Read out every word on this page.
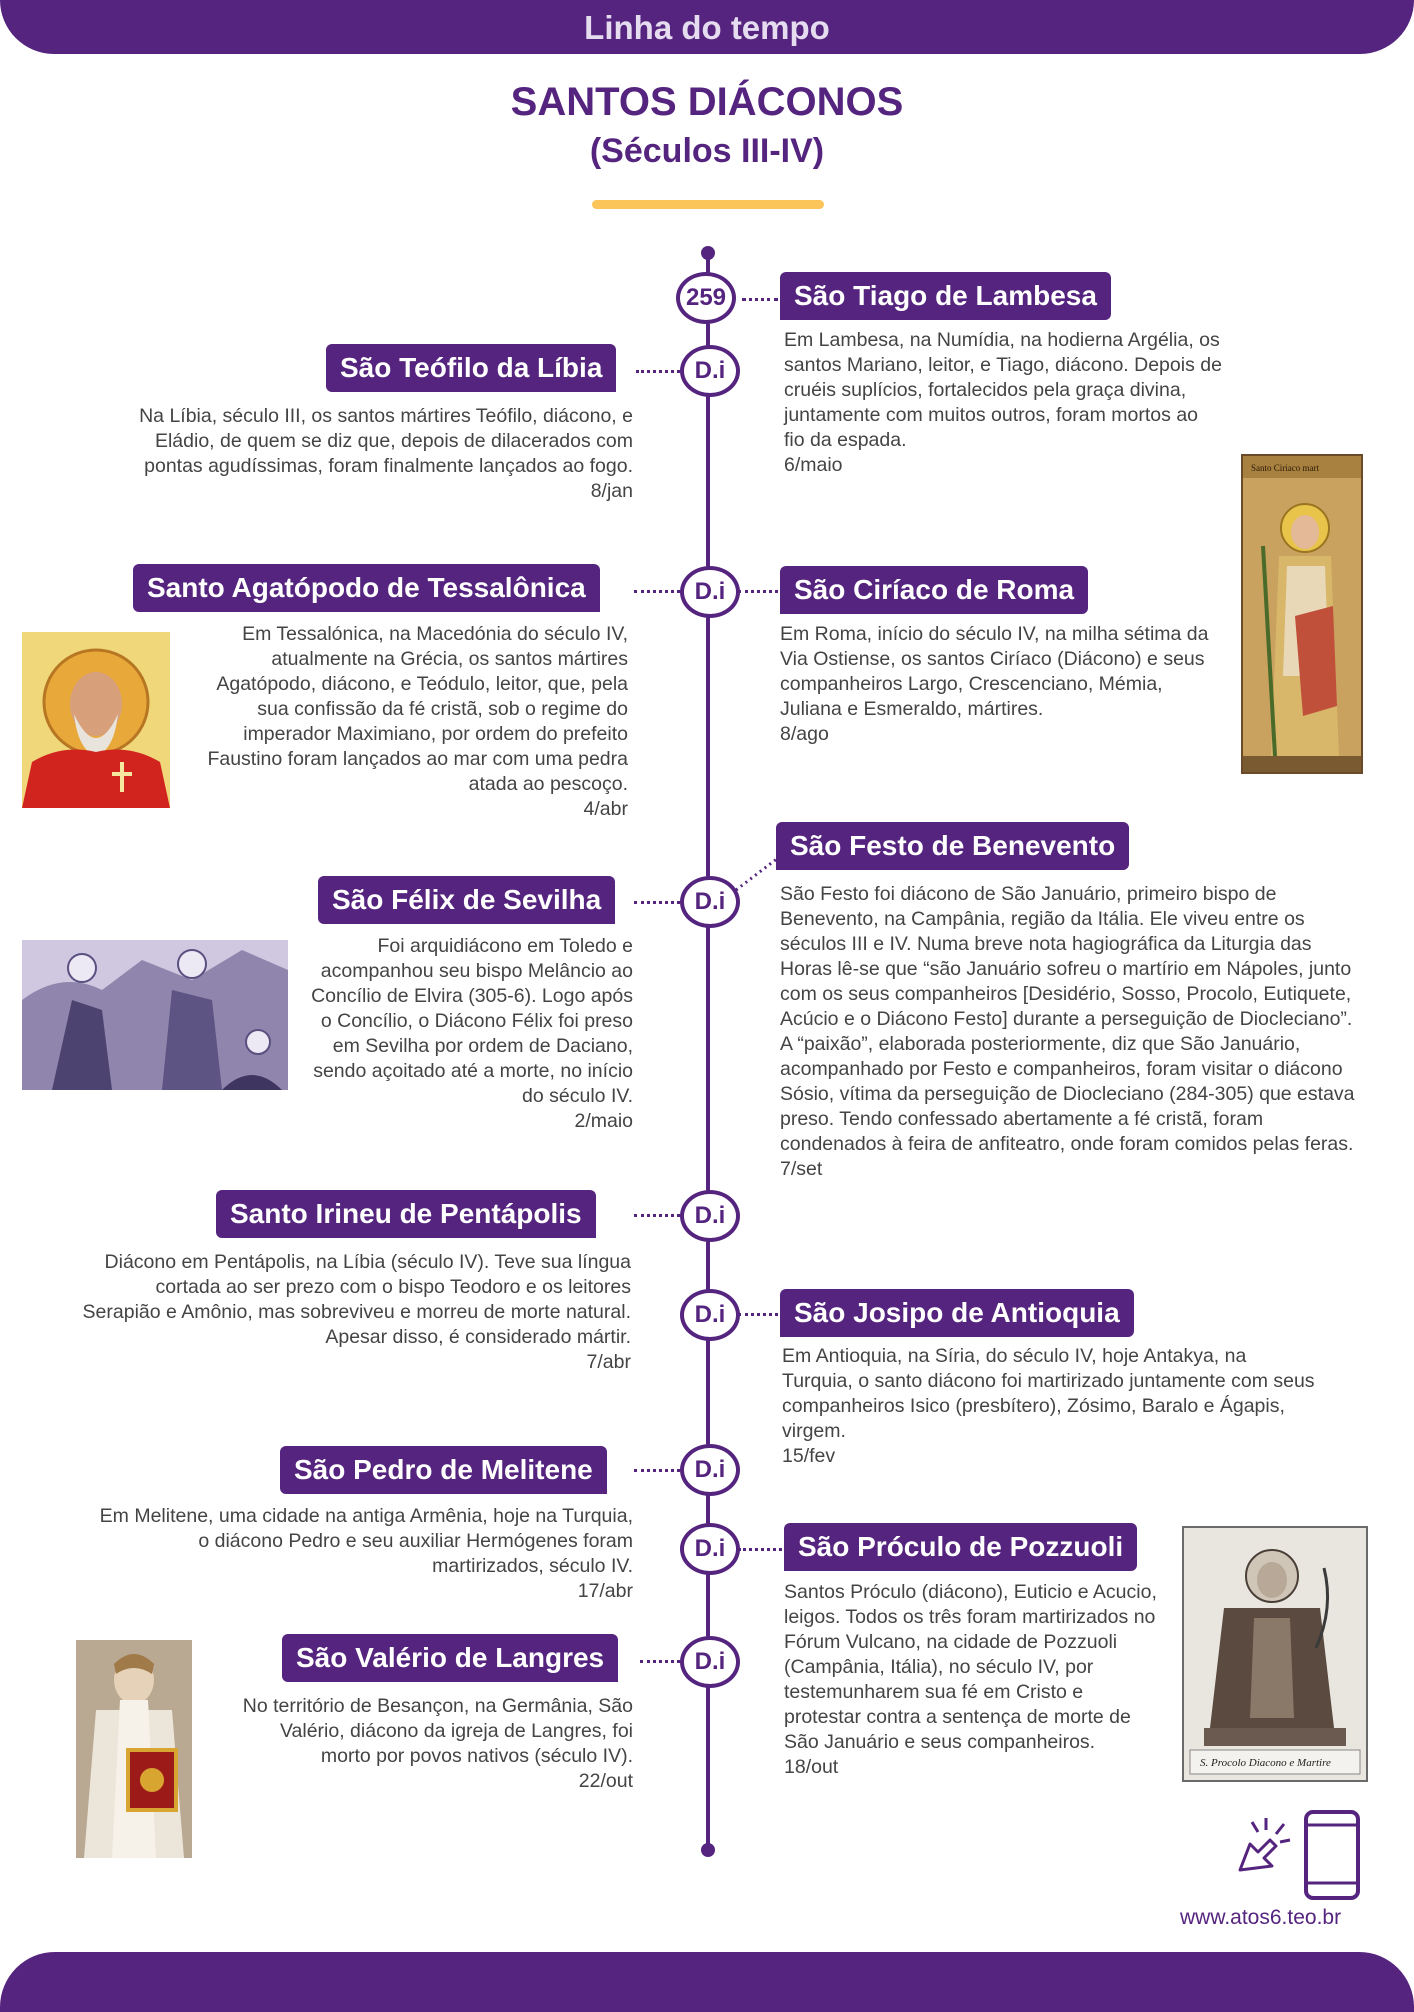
Linha do tempo
SANTOS DIÁCONOS
(Séculos III-IV)
259
D.i
D.i
D.i
D.i
D.i
D.i
D.i
D.i
São Tiago de Lambesa

Em Lambesa, na Numídia, na hodierna Argélia, os santos Mariano, leitor, e Tiago, diácono. Depois de cruéis suplícios, fortalecidos pela graça divina, juntamente com muitos outros, foram mortos ao fio da espada.

6/maio
São Teófilo da Líbia

Na Líbia, século III, os santos mártires Teófilo, diácono, e Eládio, de quem se diz que, depois de dilacerados com pontas agudíssimas, foram finalmente lançados ao fogo.

8/jan
Santo Agatópodo de Tessalônica

Em Tessalónica, na Macedónia do século IV, atualmente na Grécia, os santos mártires Agatópodo, diácono, e Teódulo, leitor, que, pela sua confissão da fé cristã, sob o regime do imperador Maximiano, por ordem do prefeito Faustino foram lançados ao mar com uma pedra atada ao pescoço.

4/abr
São Ciríaco de Roma

Em Roma, início do século IV, na milha sétima da Via Ostiense, os santos Ciríaco (Diácono) e seus companheiros Largo, Crescenciano, Mémia, Juliana e Esmeraldo, mártires.

8/ago
São Festo de Benevento

São Festo foi diácono de São Januário, primeiro bispo de Benevento, na Campânia, região da Itália. Ele viveu entre os séculos III e IV. Numa breve nota hagiográfica da Liturgia das Horas lê-se que “são Januário sofreu o martírio em Nápoles, junto com os seus companheiros [Desidério, Sosso, Procolo, Eutiquete, Acúcio e o Diácono Festo] durante a perseguição de Diocleciano”. A “paixão”, elaborada posteriormente, diz que São Januário, acompanhado por Festo e companheiros, foram visitar o diácono Sósio, vítima da perseguição de Diocleciano (284-305) que estava preso. Tendo confessado abertamente a fé cristã, foram condenados à feira de anfiteatro, onde foram comidos pelas feras.

7/set
São Félix de Sevilha

Foi arquidiácono em Toledo e acompanhou seu bispo Melâncio ao Concílio de Elvira (305-6). Logo após o Concílio, o Diácono Félix foi preso em Sevilha por ordem de Daciano, sendo açoitado até a morte, no início do século IV.

2/maio
Santo Irineu de Pentápolis

Diácono em Pentápolis, na Líbia (século IV). Teve sua língua cortada ao ser prezo com o bispo Teodoro e os leitores Serapião e Amônio, mas sobreviveu e morreu de morte natural. Apesar disso, é considerado mártir.

7/abr
São Josipo de Antioquia

Em Antioquia, na Síria, do século IV, hoje Antakya, na Turquia, o santo diácono foi martirizado juntamente com seus companheiros Isico (presbítero), Zósimo, Baralo e Ágapis, virgem.

15/fev
São Pedro de Melitene

Em Melitene, uma cidade na antiga Armênia, hoje na Turquia, o diácono Pedro e seu auxiliar Hermógenes foram martirizados, século IV.

17/abr
São Próculo de Pozzuoli

Santos Próculo (diácono), Euticio e Acucio, leigos. Todos os três foram martirizados no Fórum Vulcano, na cidade de Pozzuoli (Campânia, Itália), no século IV, por testemunharem sua fé em Cristo e protestar contra a sentença de morte de São Januário e seus companheiros.

18/out
São Valério de Langres

No território de Besançon, na Germânia, São Valério, diácono da igreja de Langres, foi morto por povos nativos (século IV).

22/out
Santo Ciriaco mart
S. Procolo Diacono e Martire
www.atos6.teo.br
